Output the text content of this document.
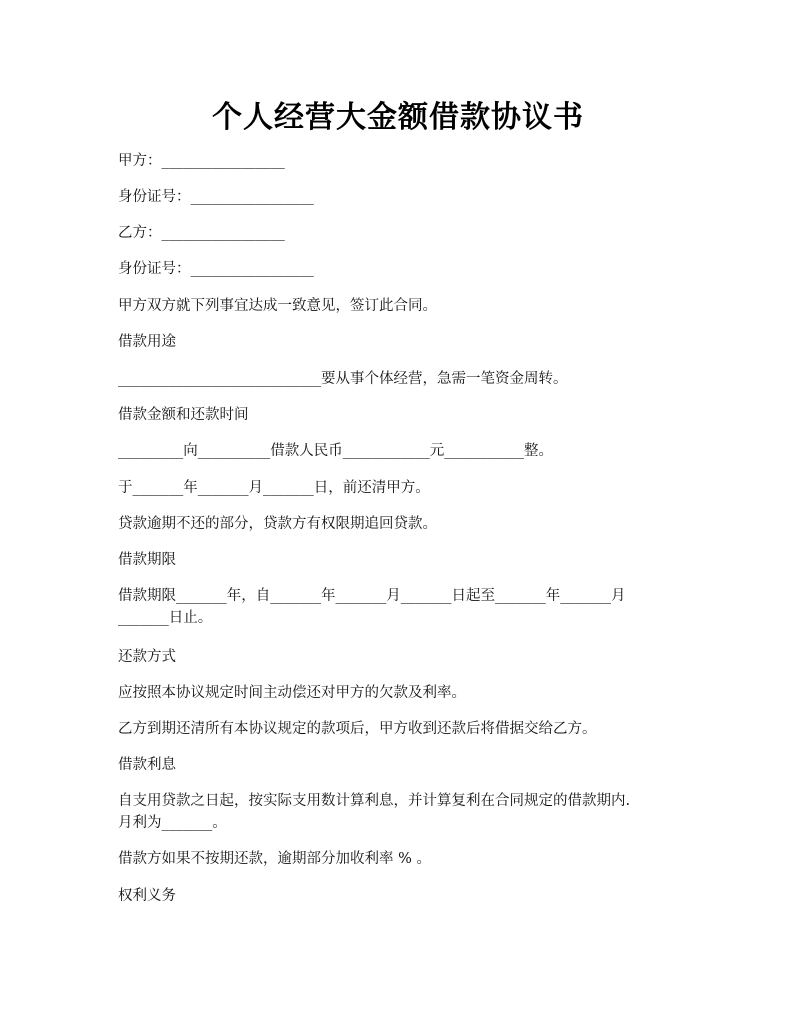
个人经营大金额借款协议书
甲方：_________________
身份证号：_________________
乙方：_________________
身份证号：_________________
甲方双方就下列事宜达成一致意见，签订此合同。
借款用途
____________________________要从事个体经营，急需一笔资金周转。
借款金额和还款时间
_________向__________借款人民币____________元___________整。
于_______年_______月_______日，前还清甲方。
贷款逾期不还的部分，贷款方有权限期追回贷款。
借款期限
借款期限_______年，自_______年_______月_______日起至_______年_______月
_______日止。
还款方式
应按照本协议规定时间主动偿还对甲方的欠款及利率。
乙方到期还清所有本协议规定的款项后，甲方收到还款后将借据交给乙方。
借款利息
自支用贷款之日起，按实际支用数计算利息，并计算复利在合同规定的借款期内.
月利为_______。
借款方如果不按期还款，逾期部分加收利率 % 。
权利义务
